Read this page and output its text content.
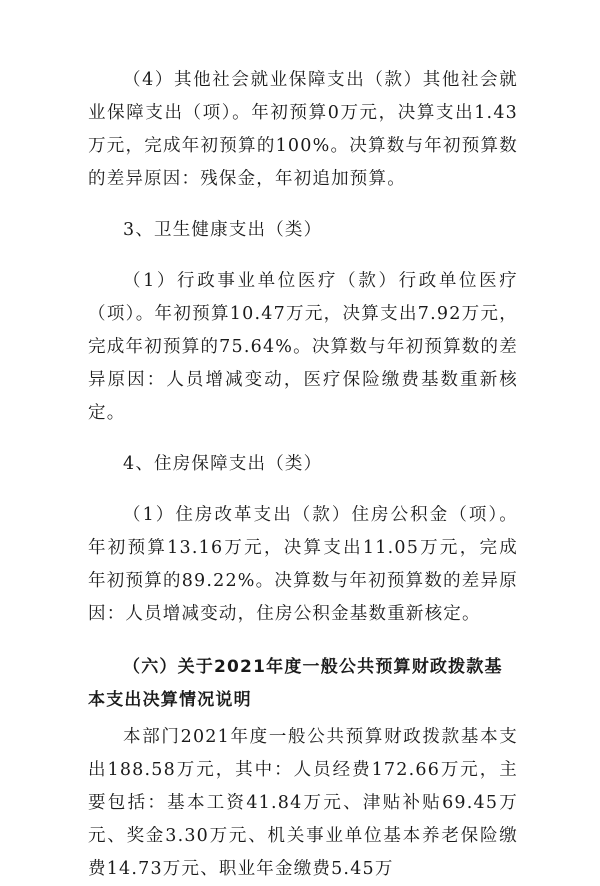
（4）其他社会就业保障支出（款）其他社会就业保障支出（项）。年初预算0万元，决算支出1.43万元，完成年初预算的100%。决算数与年初预算数的差异原因：残保金，年初追加预算。

3、卫生健康支出（类）

（1）行政事业单位医疗（款）行政单位医疗（项）。年初预算10.47万元，决算支出7.92万元，完成年初预算的75.64%。决算数与年初预算数的差异原因：人员增减变动，医疗保险缴费基数重新核定。

4、住房保障支出（类）

（1）住房改革支出（款）住房公积金（项）。年初预算13.16万元，决算支出11.05万元，完成年初预算的89.22%。决算数与年初预算数的差异原因：人员增减变动，住房公积金基数重新核定。

（六）关于2021年度一般公共预算财政拨款基本支出决算情况说明

本部门2021年度一般公共预算财政拨款基本支出188.58万元，其中：人员经费172.66万元，主要包括：基本工资41.84万元、津贴补贴69.45万元、奖金3.30万元、机关事业单位基本养老保险缴费14.73万元、职业年金缴费5.45万
